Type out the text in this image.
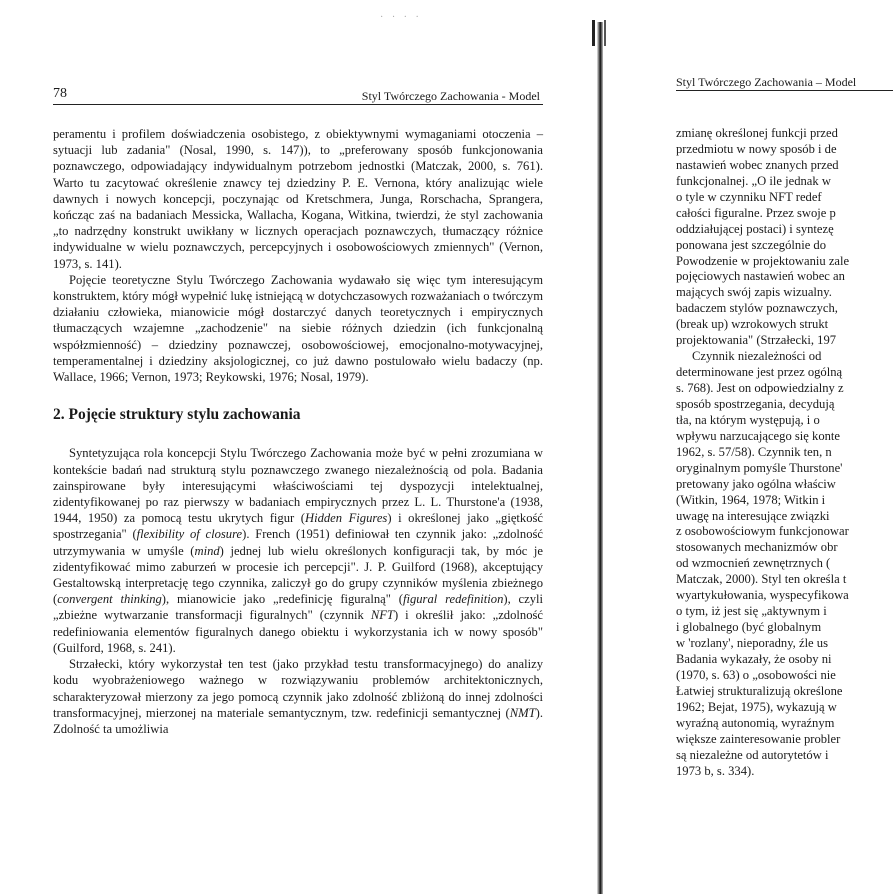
· · · ·
78	Styl Twórczego Zachowania - Model

peramentu i profilem doświadczenia osobistego, z obiektywnymi wymaganiami otoczenia – sytuacji lub zadania" (Nosal, 1990, s. 147)), to „preferowany sposób funkcjonowania poznawczego, odpowiadający indywidualnym potrzebom jednostki (Matczak, 2000, s. 761). Warto tu zacytować określenie znawcy tej dziedziny P. E. Vernona, który analizując wiele dawnych i nowych koncepcji, poczynając od Kretschmera, Junga, Rorschacha, Sprangera, kończąc zaś na badaniach Messicka, Wallacha, Kogana, Witkina, twierdzi, że styl zachowania „to nadrzędny konstrukt uwikłany w licznych operacjach poznawczych, tłumaczący różnice indywidualne w wielu poznawczych, percepcyjnych i osobowościowych zmiennych" (Vernon, 1973, s. 141).

Pojęcie teoretyczne Stylu Twórczego Zachowania wydawało się więc tym interesującym konstruktem, który mógł wypełnić lukę istniejącą w dotychczasowych rozważaniach o twórczym działaniu człowieka, mianowicie mógł dostarczyć danych teoretycznych i empirycznych tłumaczących wzajemne „zachodzenie" na siebie różnych dziedzin (ich funkcjonalną współzmienność) – dziedziny poznawczej, osobowościowej, emocjonalno-motywacyjnej, temperamentalnej i dziedziny aksjologicznej, co już dawno postulowało wielu badaczy (np. Wallace, 1966; Vernon, 1973; Reykowski, 1976; Nosal, 1979).

2. Pojęcie struktury stylu zachowania

Syntetyzująca rola koncepcji Stylu Twórczego Zachowania może być w pełni zrozumiana w kontekście badań nad strukturą stylu poznawczego zwanego niezależnością od pola. Badania zainspirowane były interesującymi właściwościami tej dyspozycji intelektualnej, zidentyfikowanej po raz pierwszy w badaniach empirycznych przez L. L. Thurstone'a (1938, 1944, 1950) za pomocą testu ukrytych figur (Hidden Figures) i określonej jako „giętkość spostrzegania" (flexibility of closure). French (1951) definiował ten czynnik jako: „zdolność utrzymywania w umyśle (mind) jednej lub wielu określonych konfiguracji tak, by móc je zidentyfikować mimo zaburzeń w procesie ich percepcji". J. P. Guilford (1968), akceptujący Gestaltowską interpretację tego czynnika, zaliczył go do grupy czynników myślenia zbieżnego (convergent thinking), mianowicie jako „redefinicję figuralną" (figural redefinition), czyli „zbieżne wytwarzanie transformacji figuralnych" (czynnik NFT) i określił jako: „zdolność redefiniowania elementów figuralnych danego obiektu i wykorzystania ich w nowy sposób" (Guilford, 1968, s. 241).

Strzałecki, który wykorzystał ten test (jako przykład testu transformacyjnego) do analizy kodu wyobrażeniowego ważnego w rozwiązywaniu problemów architektonicznych, scharakteryzował mierzony za jego pomocą czynnik jako zdolność zbliżoną do innej zdolności transformacyjnej, mierzonej na materiale semantycznym, tzw. redefinicji semantycznej (NMT). Zdolność ta umożliwia

Styl Twórczego Zachowania – Model
zmianę określonej funkcji przed
przedmiotu w nowy sposób i de
nastawień wobec znanych przed
funkcjonalnej. „O ile jednak w
o tyle w czynniku NFT redef
całości figuralne. Przez swoje p
oddziałującej postaci) i syntezę
ponowana jest szczególnie do
Powodzenie w projektowaniu zale
pojęciowych nastawień wobec an
mających swój zapis wizualny.
badaczem stylów poznawczych,
(break up) wzrokowych strukt
projektowania" (Strzałecki, 197
Czynnik niezależności od
determinowane jest przez ogólną
s. 768). Jest on odpowiedzialny z
sposób spostrzegania, decydują
tła, na którym występują, i o
wpływu narzucającego się konte
1962, s. 57/58). Czynnik ten, n
oryginalnym pomyśle Thurstone'
pretowany jako ogólna właściw
(Witkin, 1964, 1978; Witkin i
uwagę na interesujące związki
z osobowościowym funkcjonowar
stosowanych mechanizmów obr
od wzmocnień zewnętrznych (
Matczak, 2000). Styl ten określa t
wyartykułowania, wyspecyfikowa
o tym, iż jest się „aktywnym i
i globalnego (być globalnym
w 'rozlany', nieporadny, źle us
Badania wykazały, że osoby ni
(1970, s. 63) o „osobowości nie
Łatwiej strukturalizują określone
1962; Bejat, 1975), wykazują w
wyraźną autonomią, wyraźnym
większe zainteresowanie probler
są niezależne od autorytetów i
1973 b, s. 334).
